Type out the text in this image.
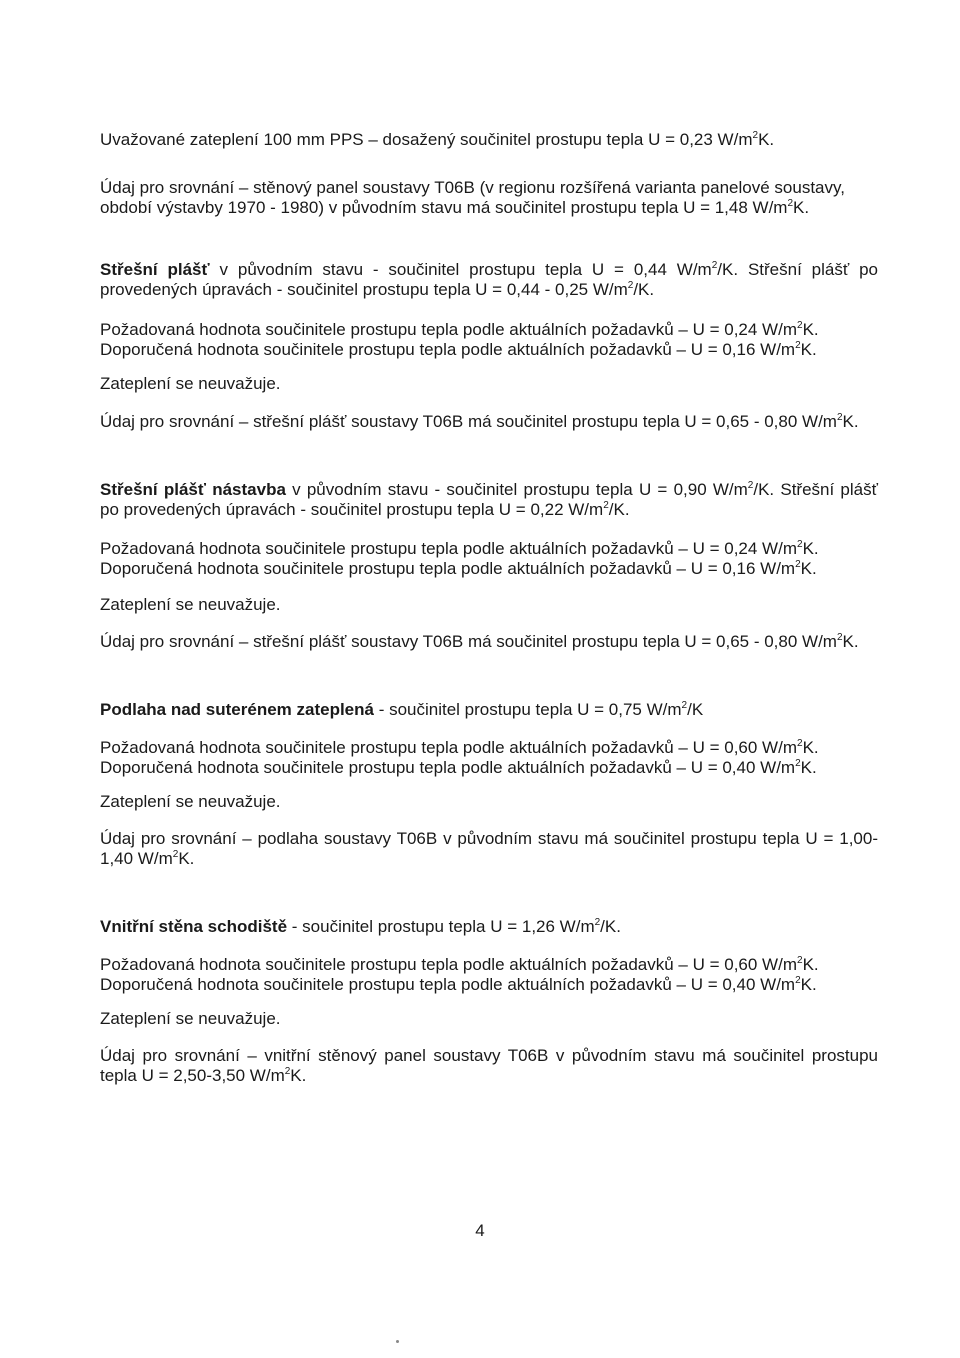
Uvažované zateplení 100 mm PPS – dosažený součinitel prostupu tepla U = 0,23 $W/m^2K$.

Údaj pro srovnání – stěnový panel soustavy T06B (v regionu rozšířená varianta panelové soustavy,
období výstavby 1970 - 1980) v původním stavu má součinitel prostupu tepla U = 1,48 $W/m^2K$.

Střešní plášť v původním stavu - součinitel prostupu tepla U = 0,44 $W/m^2/K$. Střešní plášť po
provedených úpravách - součinitel prostupu tepla U = 0,44 - 0,25 $W/m^2/K$.

Požadovaná hodnota součinitele prostupu tepla podle aktuálních požadavků – U = 0,24 $W/m^2K$.
Doporučená hodnota součinitele prostupu tepla podle aktuálních požadavků – U = 0,16 $W/m^2K$.

Zateplení se neuvažuje.

Údaj pro srovnání – střešní plášť soustavy T06B má součinitel prostupu tepla U = 0,65 - 0,80 $W/m^2K$.

Střešní plášť nástavba v původním stavu - součinitel prostupu tepla U = 0,90 $W/m^2/K$. Střešní plášť
po provedených úpravách - součinitel prostupu tepla U = 0,22 $W/m^2/K$.

Požadovaná hodnota součinitele prostupu tepla podle aktuálních požadavků – U = 0,24 $W/m^2K$.
Doporučená hodnota součinitele prostupu tepla podle aktuálních požadavků – U = 0,16 $W/m^2K$.

Zateplení se neuvažuje.

Údaj pro srovnání – střešní plášť soustavy T06B má součinitel prostupu tepla U = 0,65 - 0,80 $W/m^2K$.

Podlaha nad suterénem zateplená - součinitel prostupu tepla U = 0,75 $W/m^2/K$

Požadovaná hodnota součinitele prostupu tepla podle aktuálních požadavků – U = 0,60 $W/m^2K$.
Doporučená hodnota součinitele prostupu tepla podle aktuálních požadavků – U = 0,40 $W/m^2K$.

Zateplení se neuvažuje.

Údaj pro srovnání – podlaha soustavy T06B v původním stavu má součinitel prostupu tepla U = 1,00-
1,40 $W/m^2K$.

Vnitřní stěna schodiště - součinitel prostupu tepla U = 1,26 $W/m^2/K$.

Požadovaná hodnota součinitele prostupu tepla podle aktuálních požadavků – U = 0,60 $W/m^2K$.
Doporučená hodnota součinitele prostupu tepla podle aktuálních požadavků – U = 0,40 $W/m^2K$.

Zateplení se neuvažuje.

Údaj pro srovnání – vnitřní stěnový panel soustavy T06B v původním stavu má součinitel prostupu
tepla U = 2,50-3,50 $W/m^2K$.

4
